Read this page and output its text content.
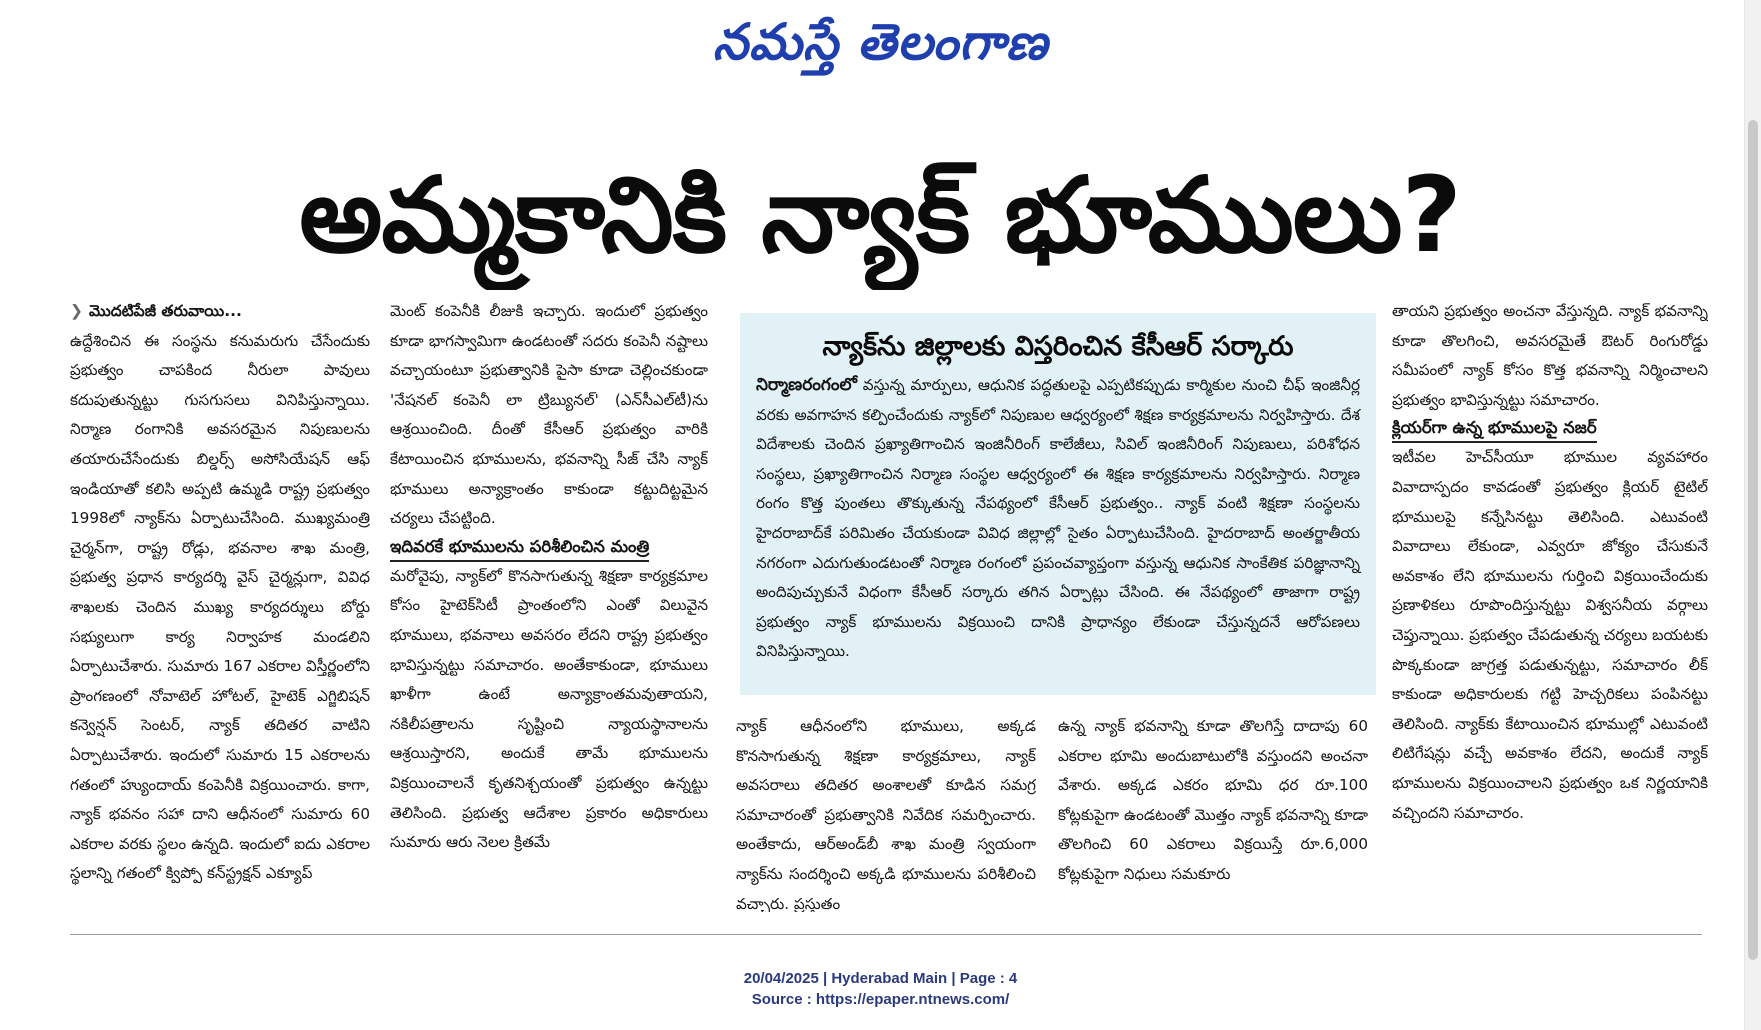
నమస్తే తెలంగాణ
అమ్మకానికి న్యాక్ భూములు?

❯ మొదటిపేజీ తరువాయి...

ఉద్దేశించిన ఈ సంస్థను కనుమరుగు చేసేందుకు ప్రభుత్వం చాపకింద నీరులా పావులు కదుపుతున్నట్టు గుసగుసలు వినిపిస్తున్నాయి. నిర్మాణ రంగానికి అవసరమైన నిపుణులను తయారుచేసేందుకు బిల్డర్స్ అసోసియేషన్ ఆఫ్ ఇండియాతో కలిసి అప్పటి ఉమ్మడి రాష్ట్ర ప్రభుత్వం 1998లో న్యాక్‌ను ఏర్పాటుచేసింది. ముఖ్యమంత్రి చైర్మన్‌గా, రాష్ట్ర రోడ్లు, భవనాల శాఖ మంత్రి, ప్రభుత్వ ప్రధాన కార్యదర్శి వైస్ చైర్మన్లుగా, వివిధ శాఖలకు చెందిన ముఖ్య కార్యదర్శులు బోర్డు సభ్యులుగా కార్య నిర్వాహక మండలిని ఏర్పాటుచేశారు. సుమారు 167 ఎకరాల విస్తీర్ణంలోని ప్రాంగణంలో నోవాటెల్ హోటల్, హైటెక్ ఎగ్జిబిషన్ కన్వెన్షన్ సెంటర్, న్యాక్ తదితర వాటిని ఏర్పాటుచేశారు. ఇందులో సుమారు 15 ఎకరాలను గతంలో హ్యుందాయ్ కంపెనీకి విక్రయించారు. కాగా, న్యాక్ భవనం సహా దాని ఆధీనంలో సుమారు 60 ఎకరాల వరకు స్థలం ఉన్నది. ఇందులో ఐదు ఎకరాల స్థలాన్ని గతంలో క్విప్పో కన్‌స్ట్రక్షన్ ఎక్యూప్

మెంట్ కంపెనీకి లీజుకి ఇచ్చారు. ఇందులో ప్రభుత్వం కూడా భాగస్వామిగా ఉండటంతో సదరు కంపెనీ నష్టాలు వచ్చాయంటూ ప్రభుత్వానికి పైసా కూడా చెల్లించకుండా 'నేషనల్ కంపెనీ లా ట్రిబ్యునల్' (ఎన్‌సీఎల్‌టీ)ను ఆశ్రయించింది. దీంతో కేసీఆర్ ప్రభుత్వం వారికి కేటాయించిన భూములను, భవనాన్ని సీజ్ చేసి న్యాక్ భూములు అన్యాక్రాంతం కాకుండా కట్టుదిట్టమైన చర్యలు చేపట్టింది.

ఇదివరకే భూములను పరిశీలించిన మంత్రి

మరోవైపు, న్యాక్‌లో కొనసాగుతున్న శిక్షణా కార్యక్రమాల కోసం హైటెక్‌సిటీ ప్రాంతంలోని ఎంతో విలువైన భూములు, భవనాలు అవసరం లేదని రాష్ట్ర ప్రభుత్వం భావిస్తున్నట్టు సమాచారం. అంతేకాకుండా, భూములు ఖాళీగా ఉంటే అన్యాక్రాంతమవుతాయని, నకిలీపత్రాలను సృష్టించి న్యాయస్థానాలను ఆశ్రయిస్తారని, అందుకే తామే భూములను విక్రయించాలనే కృతనిశ్చయంతో ప్రభుత్వం ఉన్నట్టు తెలిసింది. ప్రభుత్వ ఆదేశాల ప్రకారం అధికారులు సుమారు ఆరు నెలల క్రితమే

న్యాక్‌ను జిల్లాలకు విస్తరించిన కేసీఆర్ సర్కారు
నిర్మాణరంగంలో వస్తున్న మార్పులు, ఆధునిక పద్ధతులపై ఎప్పటికప్పుడు కార్మికుల నుంచి చీఫ్ ఇంజినీర్ల వరకు అవగాహన కల్పించేందుకు న్యాక్‌లో నిపుణుల ఆధ్వర్యంలో శిక్షణ కార్యక్రమాలను నిర్వహిస్తారు. దేశ విదేశాలకు చెందిన ప్రఖ్యాతిగాంచిన ఇంజినీరింగ్ కాలేజీలు, సివిల్ ఇంజినీరింగ్ నిపుణులు, పరిశోధన సంస్థలు, ప్రఖ్యాతిగాంచిన నిర్మాణ సంస్థల ఆధ్వర్యంలో ఈ శిక్షణ కార్యక్రమాలను నిర్వహిస్తారు. నిర్మాణ రంగం కొత్త పుంతలు తొక్కుతున్న నేపథ్యంలో కేసీఆర్ ప్రభుత్వం.. న్యాక్ వంటి శిక్షణా సంస్థలను హైదరాబాద్‌కే పరిమితం చేయకుండా వివిధ జిల్లాల్లో సైతం ఏర్పాటుచేసింది. హైదరాబాద్ అంతర్జాతీయ నగరంగా ఎదుగుతుండటంతో నిర్మాణ రంగంలో ప్రపంచవ్యాప్తంగా వస్తున్న ఆధునిక సాంకేతిక పరిజ్ఞానాన్ని అందిపుచ్చుకునే విధంగా కేసీఆర్ సర్కారు తగిన ఏర్పాట్లు చేసింది. ఈ నేపథ్యంలో తాజాగా రాష్ట్ర ప్రభుత్వం న్యాక్ భూములను విక్రయించి దానికి ప్రాధాన్యం లేకుండా చేస్తున్నదనే ఆరోపణలు వినిపిస్తున్నాయి.

న్యాక్ ఆధీనంలోని భూములు, అక్కడ కొనసాగుతున్న శిక్షణా కార్యక్రమాలు, న్యాక్ అవసరాలు తదితర అంశాలతో కూడిన సమగ్ర సమాచారంతో ప్రభుత్వానికి నివేదిక సమర్పించారు. అంతేకాదు, ఆర్‌అండ్‌బీ శాఖ మంత్రి స్వయంగా న్యాక్‌ను సందర్శించి అక్కడి భూములను పరిశీలించి వచ్చారు. ప్రస్తుతం

ఉన్న న్యాక్ భవనాన్ని కూడా తొలగిస్తే దాదాపు 60 ఎకరాల భూమి అందుబాటులోకి వస్తుందని అంచనా వేశారు. అక్కడ ఎకరం భూమి ధర రూ.100 కోట్లకుపైగా ఉండటంతో మొత్తం న్యాక్ భవనాన్ని కూడా తొలగించి 60 ఎకరాలు విక్రయిస్తే రూ.6,000 కోట్లకుపైగా నిధులు సమకూరు

తాయని ప్రభుత్వం అంచనా వేస్తున్నది. న్యాక్ భవనాన్ని కూడా తొలగించి, అవసరమైతే ఔటర్ రింగురోడ్డు సమీపంలో న్యాక్ కోసం కొత్త భవనాన్ని నిర్మించాలని ప్రభుత్వం భావిస్తున్నట్టు సమాచారం.

క్లియర్‌గా ఉన్న భూములపై నజర్

ఇటీవల హెచ్‌సీయూ భూముల వ్యవహారం వివాదాస్పదం కావడంతో ప్రభుత్వం క్లియర్ టైటిల్ భూములపై కన్నేసినట్టు తెలిసింది. ఎటువంటి వివాదాలు లేకుండా, ఎవ్వరూ జోక్యం చేసుకునే అవకాశం లేని భూములను గుర్తించి విక్రయించేందుకు ప్రణాళికలు రూపొందిస్తున్నట్టు విశ్వసనీయ వర్గాలు చెప్తున్నాయి. ప్రభుత్వం చేపడుతున్న చర్యలు బయటకు పొక్కకుండా జాగ్రత్త పడుతున్నట్టు, సమాచారం లీక్ కాకుండా అధికారులకు గట్టి హెచ్చరికలు పంపినట్టు తెలిసింది. న్యాక్‌కు కేటాయించిన భూముల్లో ఎటువంటి లిటిగేషన్లు వచ్చే అవకాశం లేదని, అందుకే న్యాక్ భూములను విక్రయించాలని ప్రభుత్వం ఒక నిర్ణయానికి వచ్చిందని సమాచారం.

20/04/2025 | Hyderabad Main | Page : 4
Source : https://epaper.ntnews.com/
